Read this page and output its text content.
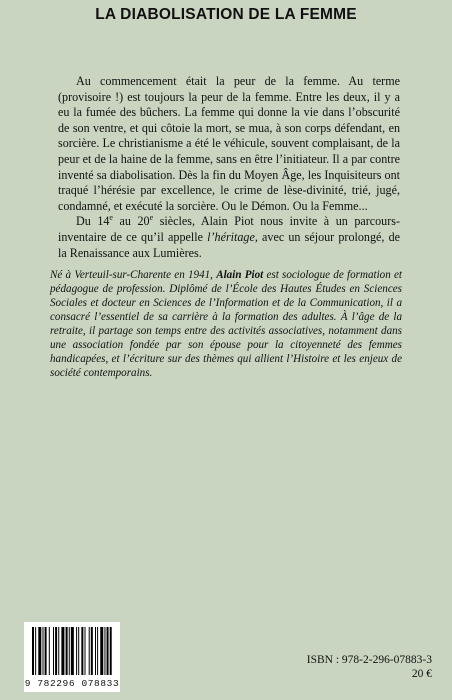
LA DIABOLISATION DE LA FEMME

Au commencement était la peur de la femme. Au terme (provisoire !) est toujours la peur de la femme. Entre les deux, il y a eu la fumée des bûchers. La femme qui donne la vie dans l’obscurité de son ventre, et qui côtoie la mort, se mua, à son corps défendant, en sorcière. Le christianisme a été le véhicule, souvent complaisant, de la peur et de la haine de la femme, sans en être l’initiateur. Il a par contre inventé sa diabolisation. Dès la fin du Moyen Âge, les Inquisiteurs ont traqué l’hérésie par excellence, le crime de lèse-divinité, trié, jugé, condamné, et exécuté la sorcière. Ou le Démon. Ou la Femme...

Du 14e au 20e siècles, Alain Piot nous invite à un parcours-inventaire de ce qu’il appelle l’héritage, avec un séjour prolongé, de la Renaissance aux Lumières.

Né à Verteuil-sur-Charente en 1941, Alain Piot est sociologue de formation et pédagogue de profession. Diplômé de l’École des Hautes Études en Sciences Sociales et docteur en Sciences de l’Information et de la Communication, il a consacré l’essentiel de sa carrière à la formation des adultes. À l’âge de la retraite, il partage son temps entre des activités associatives, notamment dans une association fondée par son épouse pour la citoyenneté des femmes handicapées, et l’écriture sur des thèmes qui allient l’Histoire et les enjeux de société contemporains.
9 782296 078833
ISBN : 978-2-296-07883-3
20 €
